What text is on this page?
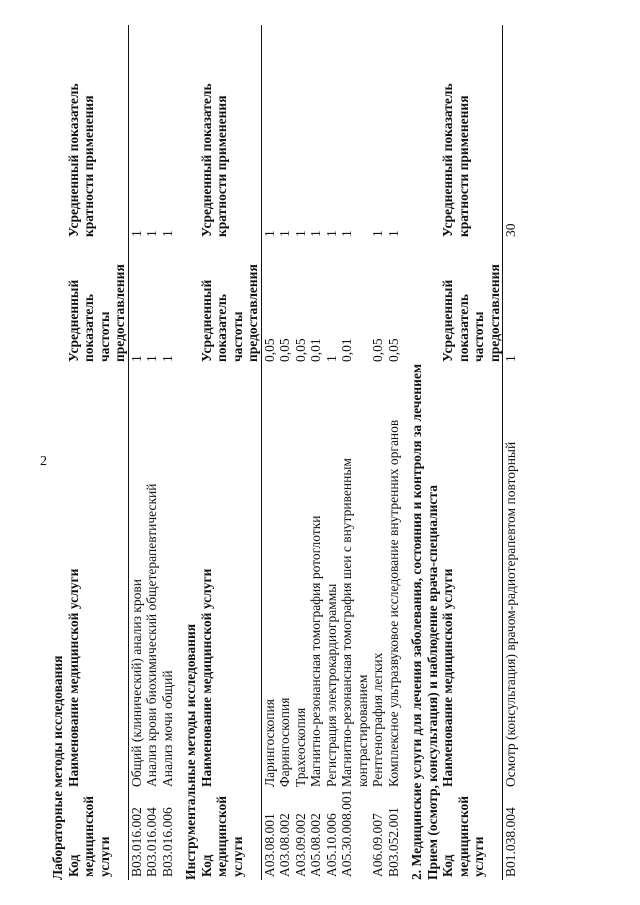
2
Лабораторные методы исследования Код медицинской услуги	Наименование медицинской услуги	Усредненный показатель частоты предоставления	Усредненный показатель кратности применения
B03.016.002	Общий (клинический) анализ крови	1	1
B03.016.004	Анализ крови биохимический общетерапевтический	1	1
B03.016.006	Анализ мочи общий	1	1
Инструментальные методы исследования Код медицинской услуги	Наименование медицинской услуги	Усредненный показатель частоты предоставления	Усредненный показатель кратности применения
A03.08.001	Ларингоскопия	0,05	1
A03.08.002	Фарингоскопия	0,05	1
A03.09.002	Трахеоскопия	0,05	1
A05.08.002	Магнитно-резонансная томография ротоглотки	0,01	1
A05.10.006	Регистрация электрокардиограммы	1	1
A05.30.008.001	Магнитно-резонансная томография шеи с внутривенным контрастированием	0,01	1
A06.09.007	Рентгенография легких	0,05	1
B03.052.001	Комплексное ультразвуковое исследование внутренних органов	0,05	1
2. Медицинские услуги для лечения заболевания, состояния и контроля за лечением Прием (осмотр, консультация) и наблюдение врача-специалиста Код медицинской услуги	Наименование медицинской услуги	Усредненный показатель частоты предоставления	Усредненный показатель кратности применения
B01.038.004	Осмотр (консультация) врачом-радиотерапевтом повторный	1	30
